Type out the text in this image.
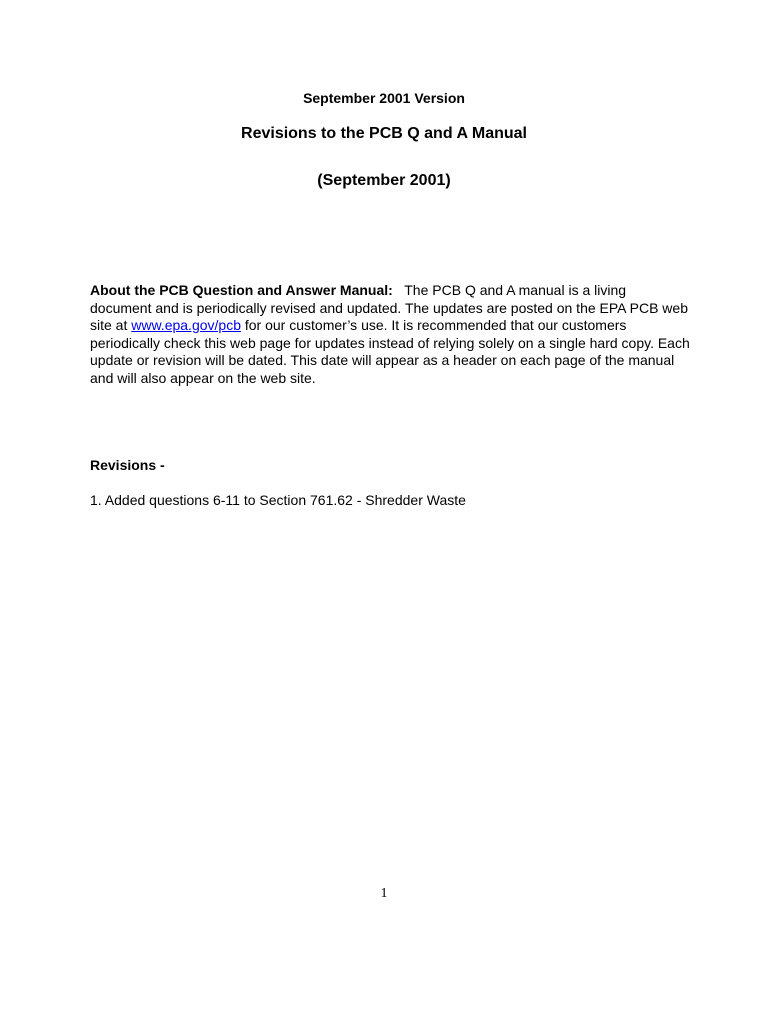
September 2001 Version
Revisions to the PCB Q and A Manual
(September 2001)
About the PCB Question and Answer Manual: The PCB Q and A manual is a living document and is periodically revised and updated. The updates are posted on the EPA PCB web site at www.epa.gov/pcb for our customer’s use. It is recommended that our customers periodically check this web page for updates instead of relying solely on a single hard copy. Each update or revision will be dated. This date will appear as a header on each page of the manual and will also appear on the web site.
Revisions -
1. Added questions 6-11 to Section 761.62 - Shredder Waste
1
